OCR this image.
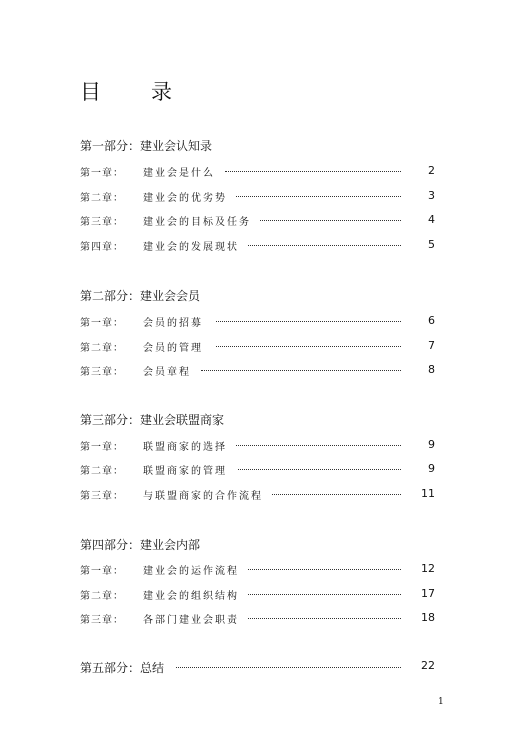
目 录
第一部分：建业会认知录
第一章： 建业会是什么	2
第二章： 建业会的优劣势	3
第三章： 建业会的目标及任务	4
第四章： 建业会的发展现状	5
第二部分：建业会会员
第一章： 会员的招募	6
第二章： 会员的管理	7
第三章： 会员章程	8
第三部分：建业会联盟商家
第一章： 联盟商家的选择	9
第二章： 联盟商家的管理	9
第三章： 与联盟商家的合作流程	11
第四部分：建业会内部
第一章： 建业会的运作流程	12
第二章： 建业会的组织结构	17
第三章： 各部门建业会职责	18
第五部分：总结	22
1
